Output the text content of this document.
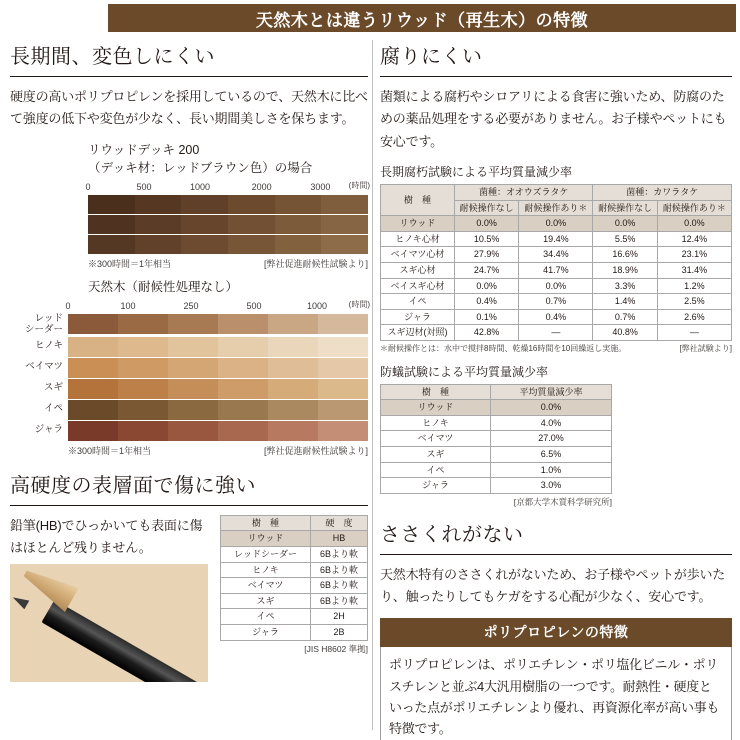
天然木とは違うリウッド（再生木）の特徴
長期間、変色しにくい

硬度の高いポリプロピレンを採用しているので、天然木に比べて強度の低下や変色が少なく、長い期間美しさを保ちます。

リウッドデッキ 200
（デッキ材：レッドブラウン色）の場合
0	500	1000	2000	3000 (時間)
※300時間＝1年相当	[弊社促進耐候性試験より]
天然木（耐候性処理なし）
0	100	250	500	1000	(時間)
レッド
シーダー
ヒノキ
ベイマツ
スギ
イペ
ジャラ
※300時間＝1年相当	[弊社促進耐候性試験より]
高硬度の表層面で傷に強い

鉛筆(HB)でひっかいても表面に傷はほとんど残りません。

樹　種	硬　度
リウッド	HB
レッドシーダー	6Bより軟
ヒノキ	6Bより軟
ベイマツ	6Bより軟
スギ	6Bより軟
イペ	2H
ジャラ	2B
[JIS H8602 準拠]
腐りにくい

菌類による腐朽やシロアリによる食害に強いため、防腐のための薬品処理をする必要がありません。お子様やペットにも安心です。

長期腐朽試験による平均質量減少率
樹　種	菌種：オオウズラタケ		菌種：カワラタケ	
	耐候操作なし	耐候操作あり＊	耐候操作なし	耐候操作あり＊
リウッド	0.0%	0.0%	0.0%	0.0%
ヒノキ心材	10.5%	19.4%	5.5%	12.4%
ベイマツ心材	27.9%	34.4%	16.6%	23.1%
スギ心材	24.7%	41.7%	18.9%	31.4%
ベイスギ心材	0.0%	0.0%	3.3%	1.2%
イペ	0.4%	0.7%	1.4%	2.5%
ジャラ	0.1%	0.4%	0.7%	2.6%
スギ辺材(対照)	42.8%	—	40.8%	—
＊耐候操作とは：水中で撹拌8時間、乾燥16時間を10回繰返し実施。	[弊社試験より]
防蟻試験による平均質量減少率
樹　種	平均質量減少率
リウッド	0.0%
ヒノキ	4.0%
ベイマツ	27.0%
スギ	6.5%
イペ	1.0%
ジャラ	3.0%
[京都大学木質科学研究所]
ささくれがない

天然木特有のささくれがないため、お子様やペットが歩いたり、触ったりしてもケガをする心配が少なく、安心です。

ポリプロピレンの特徴
ポリプロピレンは、ポリエチレン・ポリ塩化ビニル・ポリスチレンと並ぶ4大汎用樹脂の一つです。耐熱性・硬度といった点がポリエチレンより優れ、再資源化率が高い事も特徴です。
